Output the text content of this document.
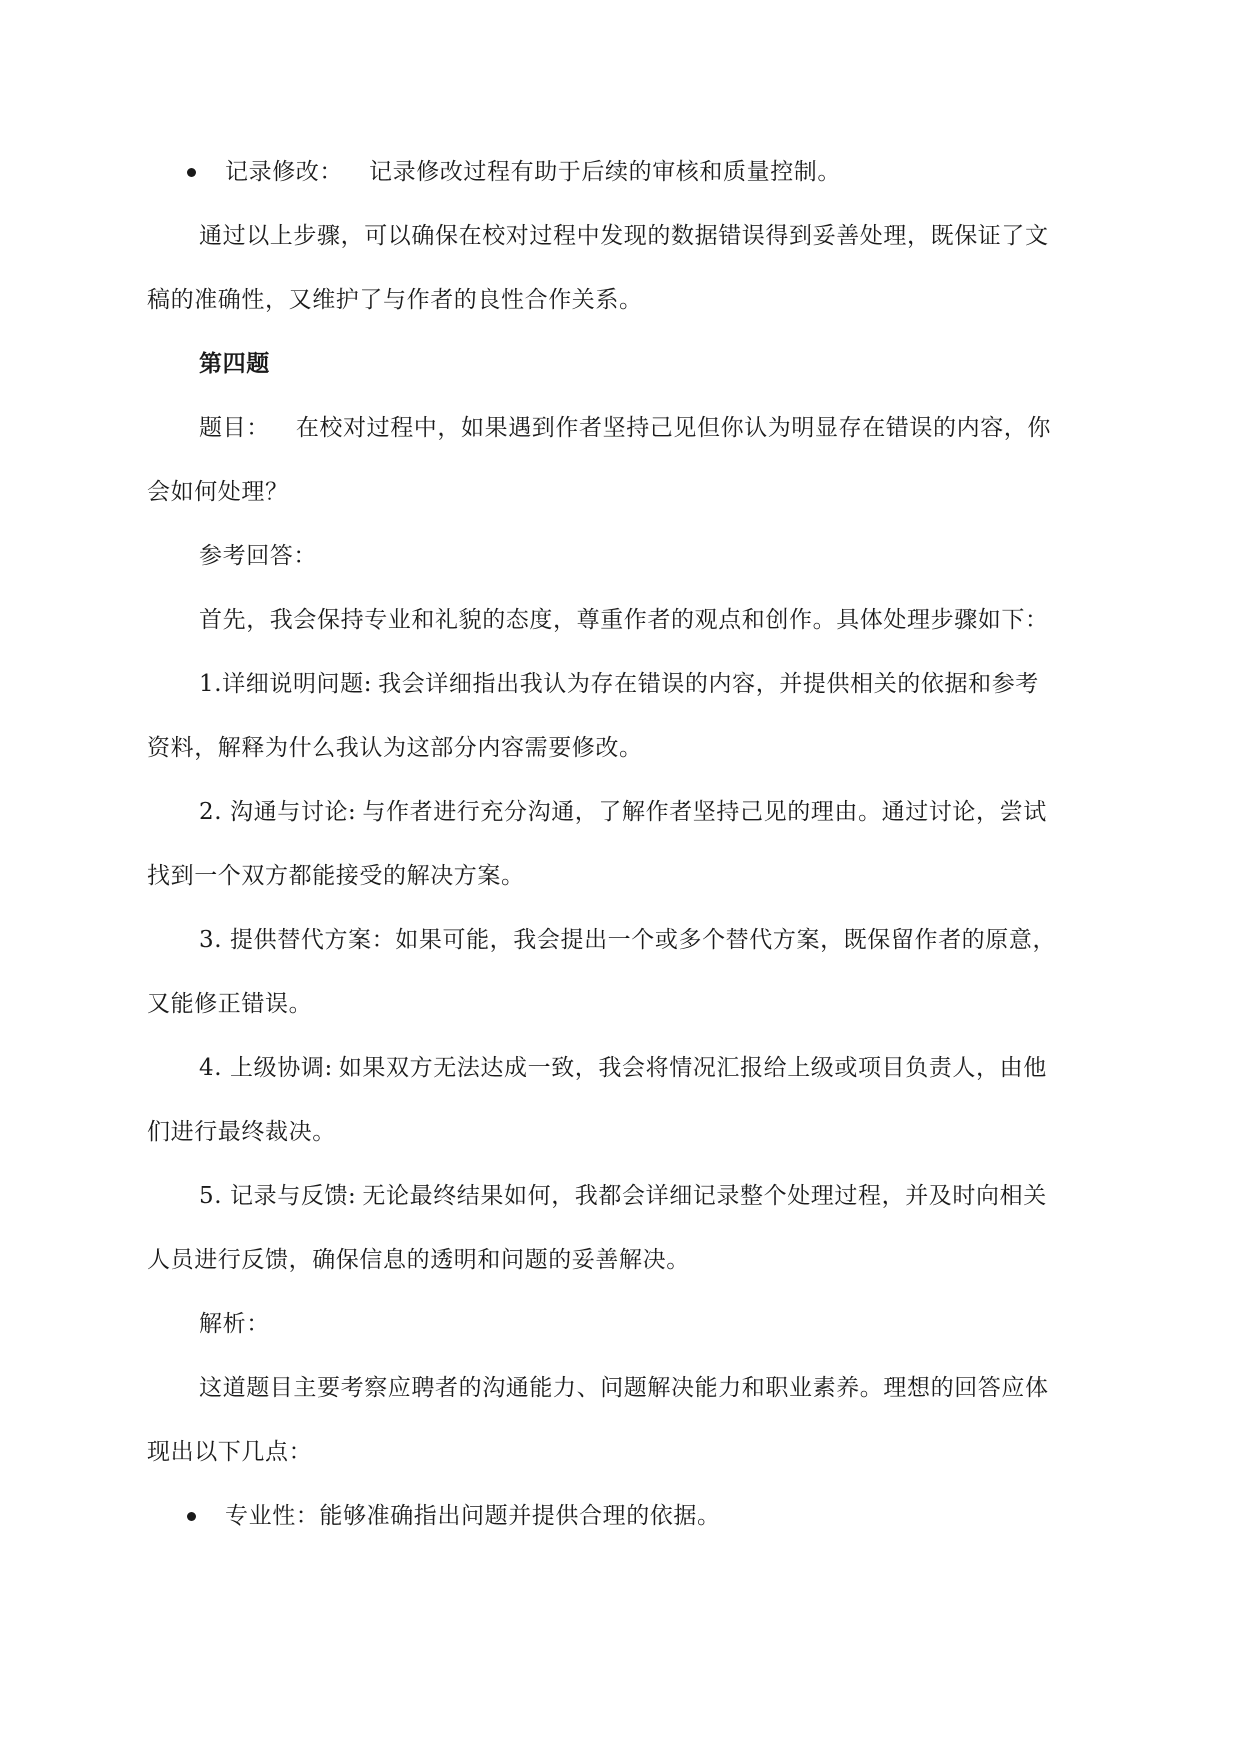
记录修改： 记录修改过程有助于后续的审核和质量控制。
通过以上步骤，可以确保在校对过程中发现的数据错误得到妥善处理，既保证了文
稿的准确性，又维护了与作者的良性合作关系。
第四题
题目： 在校对过程中，如果遇到作者坚持己见但你认为明显存在错误的内容，你
会如何处理？
参考回答：
首先，我会保持专业和礼貌的态度，尊重作者的观点和创作。具体处理步骤如下：
1.详细说明问题: 我会详细指出我认为存在错误的内容，并提供相关的依据和参考
资料，解释为什么我认为这部分内容需要修改。
2. 沟通与讨论: 与作者进行充分沟通，了解作者坚持己见的理由。通过讨论，尝试
找到一个双方都能接受的解决方案。
3. 提供替代方案：如果可能，我会提出一个或多个替代方案，既保留作者的原意，
又能修正错误。
4. 上级协调: 如果双方无法达成一致，我会将情况汇报给上级或项目负责人，由他
们进行最终裁决。
5. 记录与反馈: 无论最终结果如何，我都会详细记录整个处理过程，并及时向相关
人员进行反馈，确保信息的透明和问题的妥善解决。
解析：
这道题目主要考察应聘者的沟通能力、问题解决能力和职业素养。理想的回答应体
现出以下几点：
专业性：能够准确指出问题并提供合理的依据。
